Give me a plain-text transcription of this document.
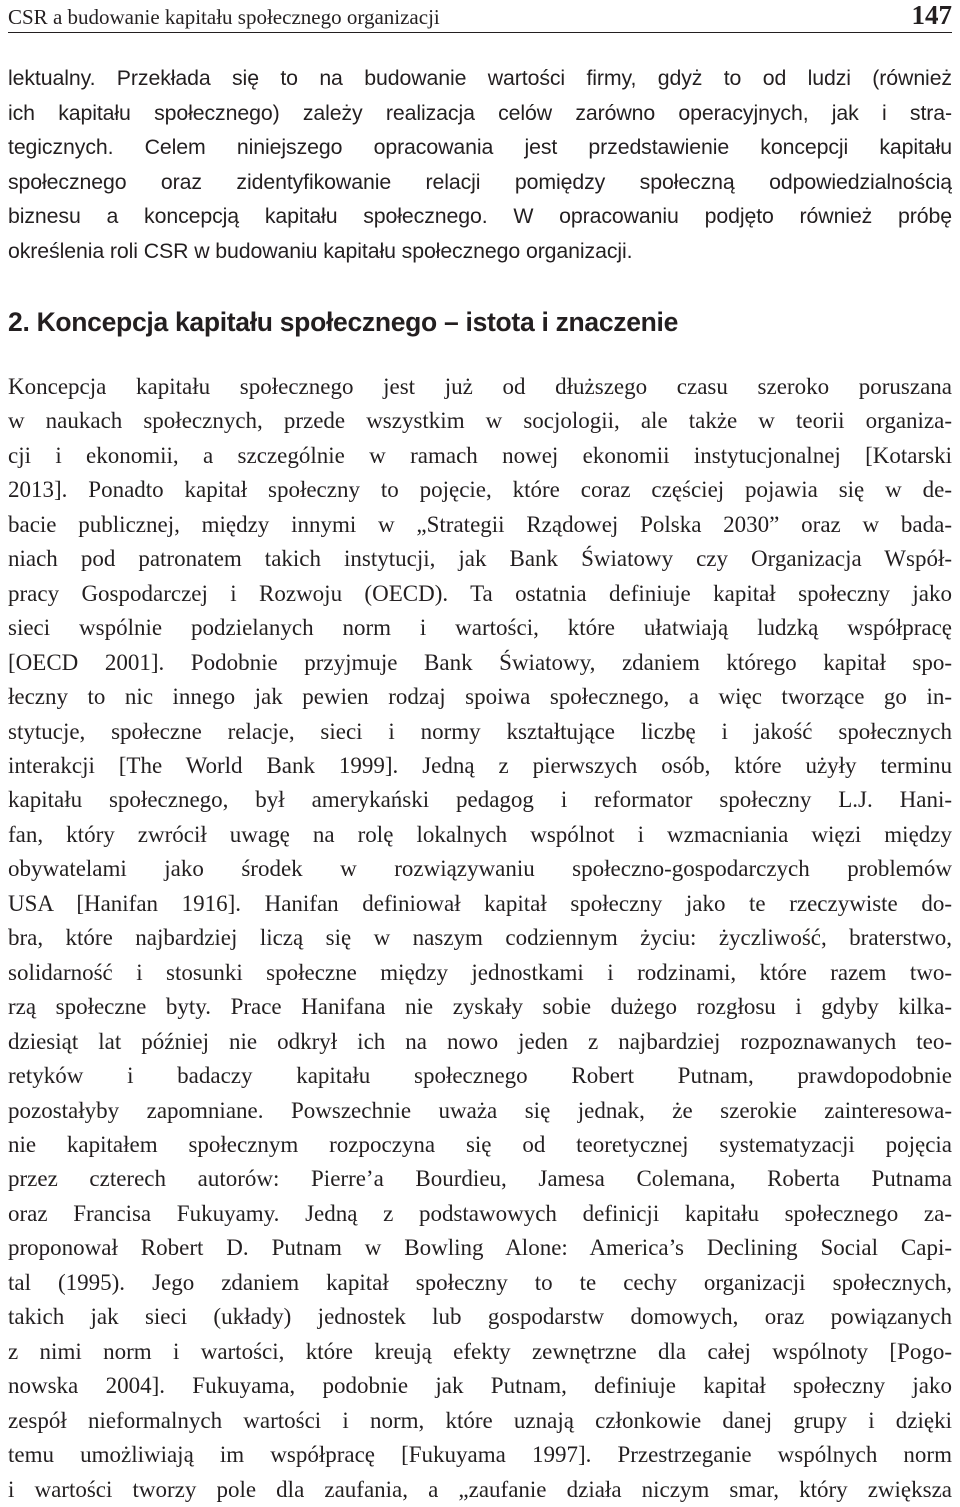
CSR a budowanie kapitału społecznego organizacji	147
lektualny. Przekłada się to na budowanie wartości firmy, gdyż to od ludzi (również
ich kapitału społecznego) zależy realizacja celów zarówno operacyjnych, jak i stra-
tegicznych. Celem niniejszego opracowania jest przedstawienie koncepcji kapitału
społecznego oraz zidentyfikowanie relacji pomiędzy społeczną odpowiedzialnością
biznesu a koncepcją kapitału społecznego. W opracowaniu podjęto również próbę
określenia roli CSR w budowaniu kapitału społecznego organizacji.
2. Koncepcja kapitału społecznego – istota i znaczenie
Koncepcja kapitału społecznego jest już od dłuższego czasu szeroko poruszana
w naukach społecznych, przede wszystkim w socjologii, ale także w teorii organiza-
cji i ekonomii, a szczególnie w ramach nowej ekonomii instytucjonalnej [Kotarski
2013]. Ponadto kapitał społeczny to pojęcie, które coraz częściej pojawia się w de-
bacie publicznej, między innymi w „Strategii Rządowej Polska 2030” oraz w bada-
niach pod patronatem takich instytucji, jak Bank Światowy czy Organizacja Współ-
pracy Gospodarczej i Rozwoju (OECD). Ta ostatnia definiuje kapitał społeczny jako
sieci wspólnie podzielanych norm i wartości, które ułatwiają ludzką współpracę
[OECD 2001]. Podobnie przyjmuje Bank Światowy, zdaniem którego kapitał spo-
łeczny to nic innego jak pewien rodzaj spoiwa społecznego, a więc tworzące go in-
stytucje, społeczne relacje, sieci i normy kształtujące liczbę i jakość społecznych
interakcji [The World Bank 1999]. Jedną z pierwszych osób, które użyły terminu
kapitału społecznego, był amerykański pedagog i reformator społeczny L.J. Hani-
fan, który zwrócił uwagę na rolę lokalnych wspólnot i wzmacniania więzi między
obywatelami jako środek w rozwiązywaniu społeczno-gospodarczych problemów
USA [Hanifan 1916]. Hanifan definiował kapitał społeczny jako te rzeczywiste do-
bra, które najbardziej liczą się w naszym codziennym życiu: życzliwość, braterstwo,
solidarność i stosunki społeczne między jednostkami i rodzinami, które razem two-
rzą społeczne byty. Prace Hanifana nie zyskały sobie dużego rozgłosu i gdyby kilka-
dziesiąt lat później nie odkrył ich na nowo jeden z najbardziej rozpoznawanych teo-
retyków i badaczy kapitału społecznego Robert Putnam, prawdopodobnie
pozostałyby zapomniane. Powszechnie uważa się jednak, że szerokie zainteresowa-
nie kapitałem społecznym rozpoczyna się od teoretycznej systematyzacji pojęcia
przez czterech autorów: Pierre’a Bourdieu, Jamesa Colemana, Roberta Putnama
oraz Francisa Fukuyamy. Jedną z podstawowych definicji kapitału społecznego za-
proponował Robert D. Putnam w Bowling Alone: America’s Declining Social Capi-
tal (1995). Jego zdaniem kapitał społeczny to te cechy organizacji społecznych,
takich jak sieci (układy) jednostek lub gospodarstw domowych, oraz powiązanych
z nimi norm i wartości, które kreują efekty zewnętrzne dla całej wspólnoty [Pogo-
nowska 2004]. Fukuyama, podobnie jak Putnam, definiuje kapitał społeczny jako
zespół nieformalnych wartości i norm, które uznają członkowie danej grupy i dzięki
temu umożliwiają im współpracę [Fukuyama 1997]. Przestrzeganie wspólnych norm
i wartości tworzy pole dla zaufania, a „zaufanie działa niczym smar, który zwiększa
